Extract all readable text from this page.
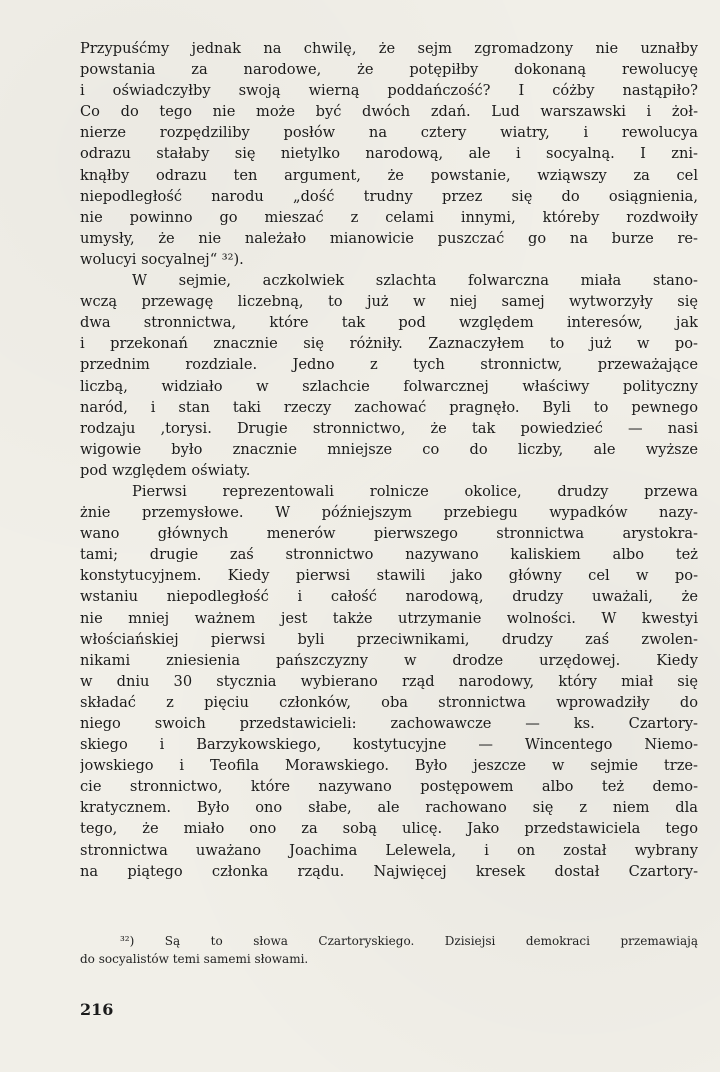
Przypuśćmy jednak na chwilę, że sejm zgromadzony nie uznałby
powstania za narodowe, że potępiłby dokonaną rewolucyę
i oświadczyłby swoją wierną poddańczość? I cóżby nastąpiło?
Co do tego nie może być dwóch zdań. Lud warszawski i żoł-
nierze rozpędziliby posłów na cztery wiatry, i rewolucya
odrazu stałaby się nietylko narodową, ale i socyalną. I zni-
knąłby odrazu ten argument, że powstanie, wziąwszy za cel
niepodległość narodu „dość trudny przez się do osiągnienia,
nie powinno go mieszać z celami innymi, któreby rozdwoiły
umysły, że nie należało mianowicie puszczać go na burze re-
wolucyi socyalnej“ ³²).
W sejmie, aczkolwiek szlachta folwarczna miała stano-
wczą przewagę liczebną, to już w niej samej wytworzyły się
dwa stronnictwa, które tak pod względem interesów, jak
i przekonań znacznie się różniły. Zaznaczyłem to już w po-
przednim rozdziale. Jedno z tych stronnictw, przeważające
liczbą, widziało w szlachcie folwarcznej właściwy polityczny
naród, i stan taki rzeczy zachować pragnęło. Byli to pewnego
rodzaju ‚torysi. Drugie stronnictwo, że tak powiedzieć — nasi
wigowie było znacznie mniejsze co do liczby, ale wyższe
pod względem oświaty.
Pierwsi reprezentowali rolnicze okolice, drudzy przewa
żnie przemysłowe. W późniejszym przebiegu wypadków nazy-
wano głównych menerów pierwszego stronnictwa arystokra-
tami; drugie zaś stronnictwo nazywano kaliskiem albo też
konstytucyjnem. Kiedy pierwsi stawili jako główny cel w po-
wstaniu niepodległość i całość narodową, drudzy uważali, że
nie mniej ważnem jest także utrzymanie wolności. W kwestyi
włościańskiej pierwsi byli przeciwnikami, drudzy zaś zwolen-
nikami zniesienia pańszczyzny w drodze urzędowej. Kiedy
w dniu 30 stycznia wybierano rząd narodowy, który miał się
składać z pięciu członków, oba stronnictwa wprowadziły do
niego swoich przedstawicieli: zachowawcze — ks. Czartory-
skiego i Barzykowskiego, kostytucyjne — Wincentego Niemo-
jowskiego i Teofila Morawskiego. Było jeszcze w sejmie trze-
cie stronnictwo, które nazywano postępowem albo też demo-
kratycznem. Było ono słabe, ale rachowano się z niem dla
tego, że miało ono za sobą ulicę. Jako przedstawiciela tego
stronnictwa uważano Joachima Lelewela, i on został wybrany
na piątego członka rządu. Najwięcej kresek dostał Czartory-
³²) Są to słowa Czartoryskiego. Dzisiejsi demokraci przemawiają
do socyalistów temi samemi słowami.
216
